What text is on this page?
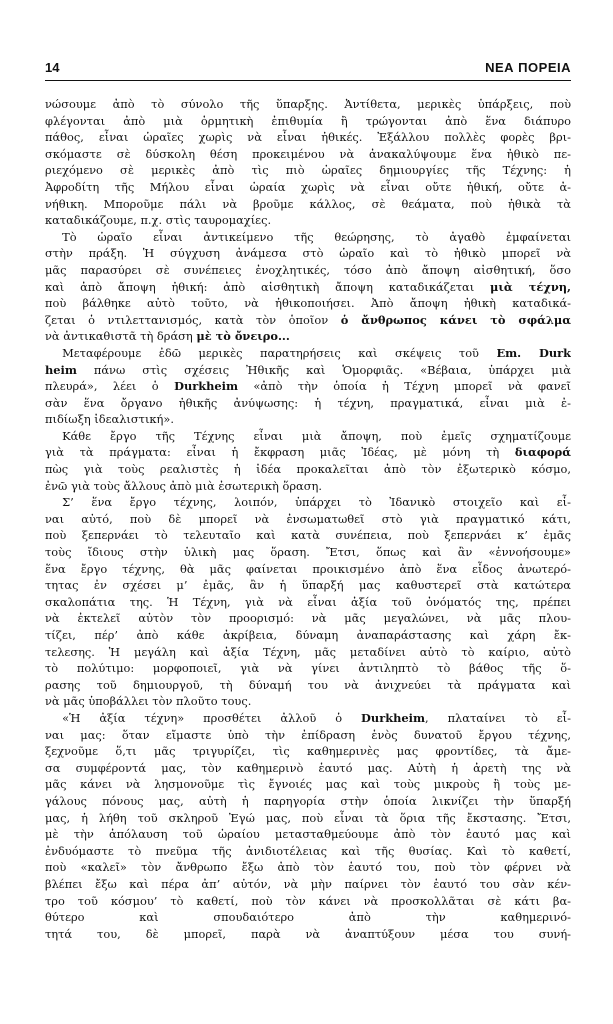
14	ΝΕΑ ΠΟΡΕΙΑ
νώσουμε ἀπὸ τὸ σύνολο τῆς ὕπαρξης. Ἀντίθετα, μερικὲς ὑπάρξεις, ποὺ
φλέγονται ἀπὸ μιὰ ὁρμητικὴ ἐπιθυμία ἢ τρώγονται ἀπὸ ἕνα διάπυρο
πάθος, εἶναι ὡραῖες χωρὶς νὰ εἶναι ἠθικές. Ἐξάλλου πολλὲς φορὲς βρι-
σκόμαστε σὲ δύσκολη θέση προκειμένου νὰ ἀνακαλύψουμε ἕνα ἠθικὸ πε-
ριεχόμενο σὲ μερικὲς ἀπὸ τὶς πιὸ ὡραῖες δημιουργίες τῆς Τέχνης: ἡ
Ἀφροδίτη τῆς Μήλου εἶναι ὡραία χωρὶς νὰ εἶναι οὔτε ἠθική, οὔτε ἀ-
νήθικη. Μποροῦμε πάλι νὰ βροῦμε κάλλος, σὲ θεάματα, ποὺ ἠθικὰ τὰ
καταδικάζουμε, π.χ. στὶς ταυρομαχίες.
Τὸ ὡραῖο εἶναι ἀντικείμενο τῆς θεώρησης, τὸ ἀγαθὸ ἐμφαίνεται
στὴν πράξη. Ἡ σύγχυση ἀνάμεσα στὸ ὡραῖο καὶ τὸ ἠθικὸ μπορεῖ νὰ
μᾶς παρασύρει σὲ συνέπειες ἐνοχλητικές, τόσο ἀπὸ ἄποψη αἰσθητική, ὅσο
καὶ ἀπὸ ἄποψη ἠθική: ἀπὸ αἰσθητικὴ ἄποψη καταδικάζεται μιὰ τέχνη,
ποὺ βάλθηκε αὐτὸ τοῦτο, νὰ ἠθικοποιήσει. Ἀπὸ ἄποψη ἠθικὴ καταδικά-
ζεται ὁ ντιλεττανισμός, κατὰ τὸν ὁποῖον ὁ ἄνθρωπος κάνει τὸ σφάλμα
νὰ ἀντικαθιστᾶ τὴ δράση μὲ τὸ ὄνειρο...
Μεταφέρουμε ἐδῶ μερικὲς παρατηρήσεις καὶ σκέψεις τοῦ Em. Durk
heim πάνω στὶς σχέσεις Ἠθικῆς καὶ Ὁμορφιᾶς. «Βέβαια, ὑπάρχει μιὰ
πλευρά», λέει ὁ Durkheim «ἀπὸ τὴν ὁποία ἡ Τέχνη μπορεῖ νὰ φανεῖ
σὰν ἕνα ὄργανο ἠθικῆς ἀνύψωσης: ἡ τέχνη, πραγματικά, εἶναι μιὰ ἐ-
πιδίωξη ἰδεαλιστική».
Κάθε ἔργο τῆς Τέχνης εἶναι μιὰ ἄποψη, ποὺ ἐμεῖς σχηματίζουμε
γιὰ τὰ πράγματα: εἶναι ἡ ἔκφραση μιᾶς Ἰδέας, μὲ μόνη τὴ διαφορά
πὼς γιὰ τοὺς ρεαλιστὲς ἡ ἰδέα προκαλεῖται ἀπὸ τὸν ἐξωτερικὸ κόσμο,
ἐνῶ γιὰ τοὺς ἄλλους ἀπὸ μιὰ ἐσωτερικὴ ὅραση.
Σ’ ἕνα ἔργο τέχνης, λοιπόν, ὑπάρχει τὸ Ἰδανικὸ στοιχεῖο καὶ εἶ-
ναι αὐτό, ποὺ δὲ μπορεῖ νὰ ἐνσωματωθεῖ στὸ γιὰ πραγματικό κάτι,
ποὺ ξεπερνάει τὸ τελευταῖο καὶ κατὰ συνέπεια, ποὺ ξεπερνάει κ’ ἐμᾶς
τοὺς ἴδιους στὴν ὑλικὴ μας ὅραση. Ἔτσι, ὅπως καὶ ἂν «ἐννοήσουμε»
ἕνα ἔργο τέχνης, θὰ μᾶς φαίνεται προικισμένο ἀπὸ ἕνα εἶδος ἀνωτερό-
τητας ἐν σχέσει μ’ ἐμᾶς, ἂν ἡ ὕπαρξή μας καθυστερεῖ στὰ κατώτερα
σκαλοπάτια της. Ἡ Τέχνη, γιὰ νὰ εἶναι ἀξία τοῦ ὀνόματός της, πρέπει
νὰ ἐκτελεῖ αὐτὸν τὸν προορισμό: νὰ μᾶς μεγαλώνει, νὰ μᾶς πλου-
τίζει, πέρ’ ἀπὸ κάθε ἀκρίβεια, δύναμη ἀναπαράστασης καὶ χάρη ἔκ-
τελεσης. Ἡ μεγάλη καὶ ἀξία Τέχνη, μᾶς μεταδίνει αὐτὸ τὸ καίριο, αὐτὸ
τὸ πολύτιμο: μορφοποιεῖ, γιὰ νὰ γίνει ἀντιληπτὸ τὸ βάθος τῆς ὅ-
ρασης τοῦ δημιουργοῦ, τὴ δύναμή του νὰ ἀνιχνεύει τὰ πράγματα καὶ
νὰ μᾶς ὑποβάλλει τὸν πλοῦτο τους.
«Ἡ ἀξία τέχνη» προσθέτει ἀλλοῦ ὁ Durkheim, πλαταίνει τὸ εἶ-
ναι μας: ὅταν εἴμαστε ὑπὸ τὴν ἐπίδραση ἑνὸς δυνατοῦ ἔργου τέχνης,
ξεχνοῦμε ὅ,τι μᾶς τριγυρίζει, τὶς καθημερινὲς μας φροντίδες, τὰ ἄμε-
σα συμφέροντά μας, τὸν καθημερινὸ ἑαυτό μας. Αὐτὴ ἡ ἀρετὴ της νὰ
μᾶς κάνει νὰ λησμονοῦμε τὶς ἔγνοιές μας καὶ τοὺς μικροὺς ἢ τοὺς με-
γάλους πόνους μας, αὐτὴ ἡ παρηγορία στὴν ὁποία λικνίζει τὴν ὕπαρξή
μας, ἡ λήθη τοῦ σκληροῦ Ἐγώ μας, ποὺ εἶναι τὰ ὅρια τῆς ἔκστασης. Ἔτσι,
μὲ τὴν ἀπόλαυση τοῦ ὡραίου μετασταθμεύουμε ἀπὸ τὸν ἑαυτό μας καὶ
ἐνδυόμαστε τὸ πνεῦμα τῆς ἀνιδιοτέλειας καὶ τῆς θυσίας. Καὶ τὸ καθετί,
ποὺ «καλεῖ» τὸν ἄνθρωπο ἔξω ἀπὸ τὸν ἑαυτό του, ποὺ τὸν φέρνει νὰ
βλέπει ἔξω καὶ πέρα ἀπ’ αὐτόν, νὰ μὴν παίρνει τὸν ἑαυτό του σὰν κέν-
τρο τοῦ κόσμου’ τὸ καθετί, ποὺ τὸν κάνει νὰ προσκολλᾶται σὲ κάτι βα-
θύτερο καὶ σπουδαιότερο ἀπὸ τὴν καθημερινό-
τητά του, δὲ μπορεῖ, παρὰ νὰ ἀναπτύξουν μέσα του συνή-
